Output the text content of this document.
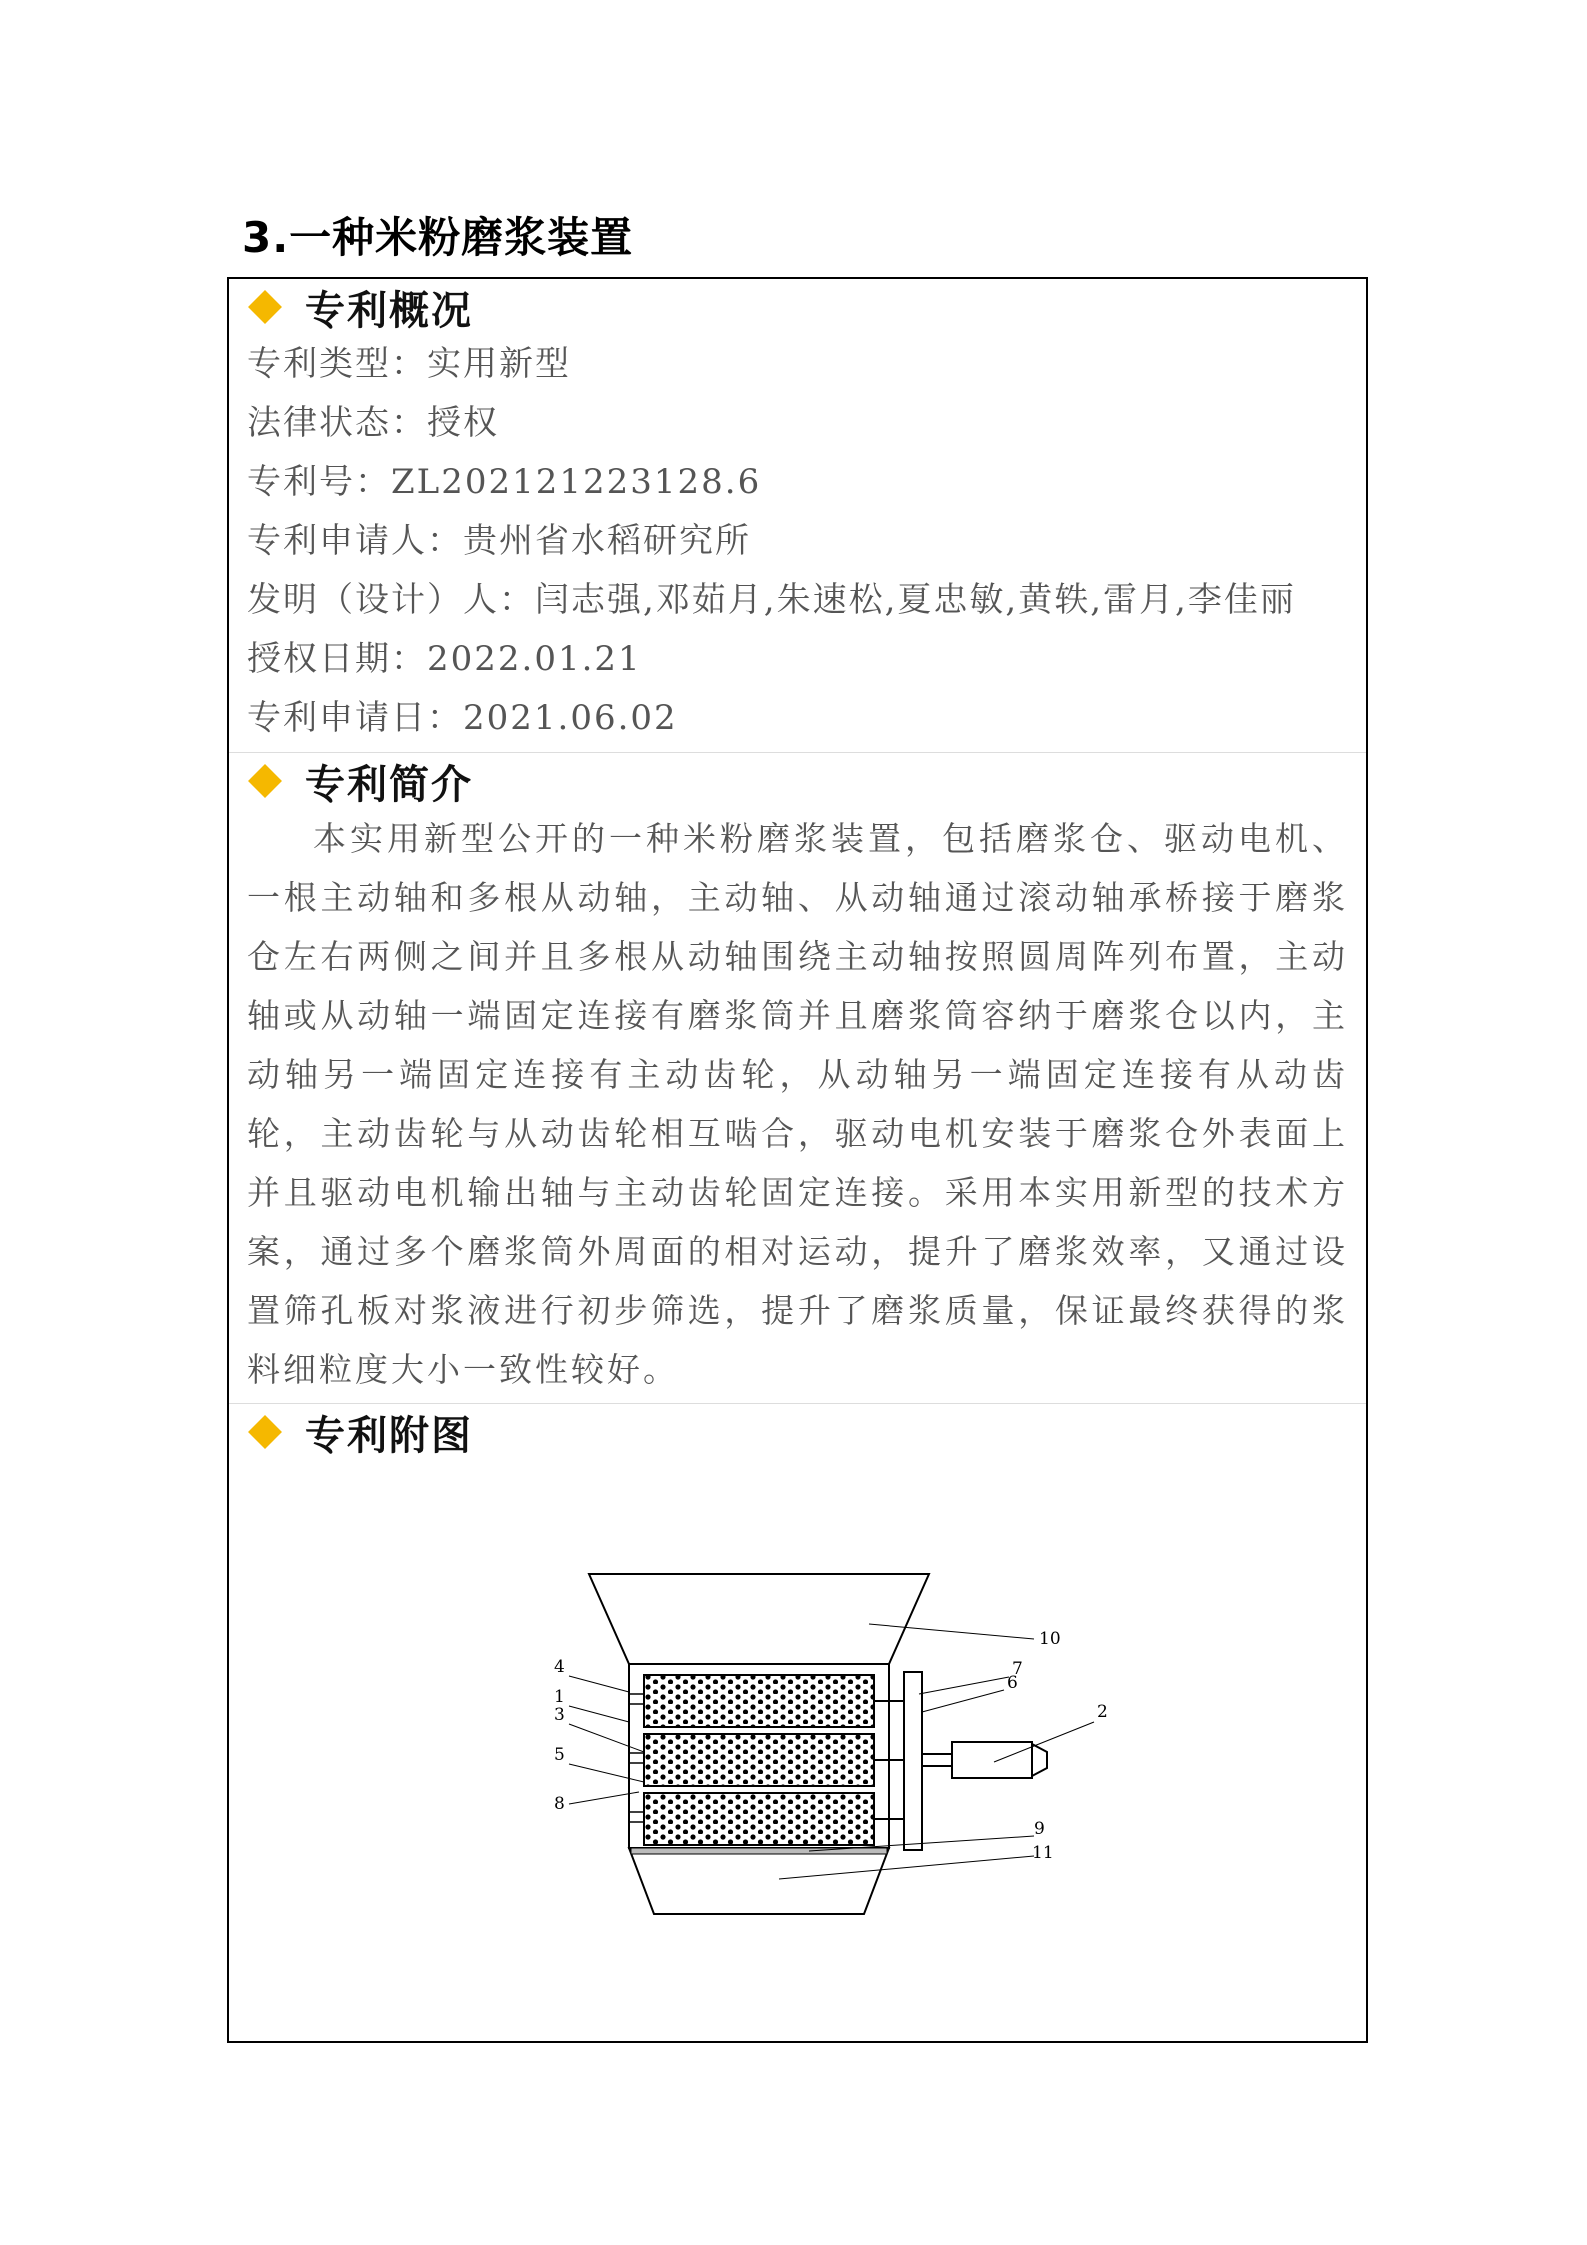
3.一种米粉磨浆装置
专利概况
专利类型：实用新型
法律状态：授权
专利号：ZL202121223128.6
专利申请人：贵州省水稻研究所
发明（设计）人：闫志强,邓茹月,朱速松,夏忠敏,黄轶,雷月,李佳丽
授权日期：2022.01.21
专利申请日：2021.06.02
专利简介
本实用新型公开的一种米粉磨浆装置，包括磨浆仓、驱动电机、一根主动轴和多根从动轴，主动轴、从动轴通过滚动轴承桥接于磨浆仓左右两侧之间并且多根从动轴围绕主动轴按照圆周阵列布置，主动轴或从动轴一端固定连接有磨浆筒并且磨浆筒容纳于磨浆仓以内，主动轴另一端固定连接有主动齿轮，从动轴另一端固定连接有从动齿轮，主动齿轮与从动齿轮相互啮合，驱动电机安装于磨浆仓外表面上并且驱动电机输出轴与主动齿轮固定连接。采用本实用新型的技术方案，通过多个磨浆筒外周面的相对运动，提升了磨浆效率，又通过设置筛孔板对浆液进行初步筛选，提升了磨浆质量，保证最终获得的浆料细粒度大小一致性较好。
专利附图
10
4	7
6
2
1
3
5
8
9
11
